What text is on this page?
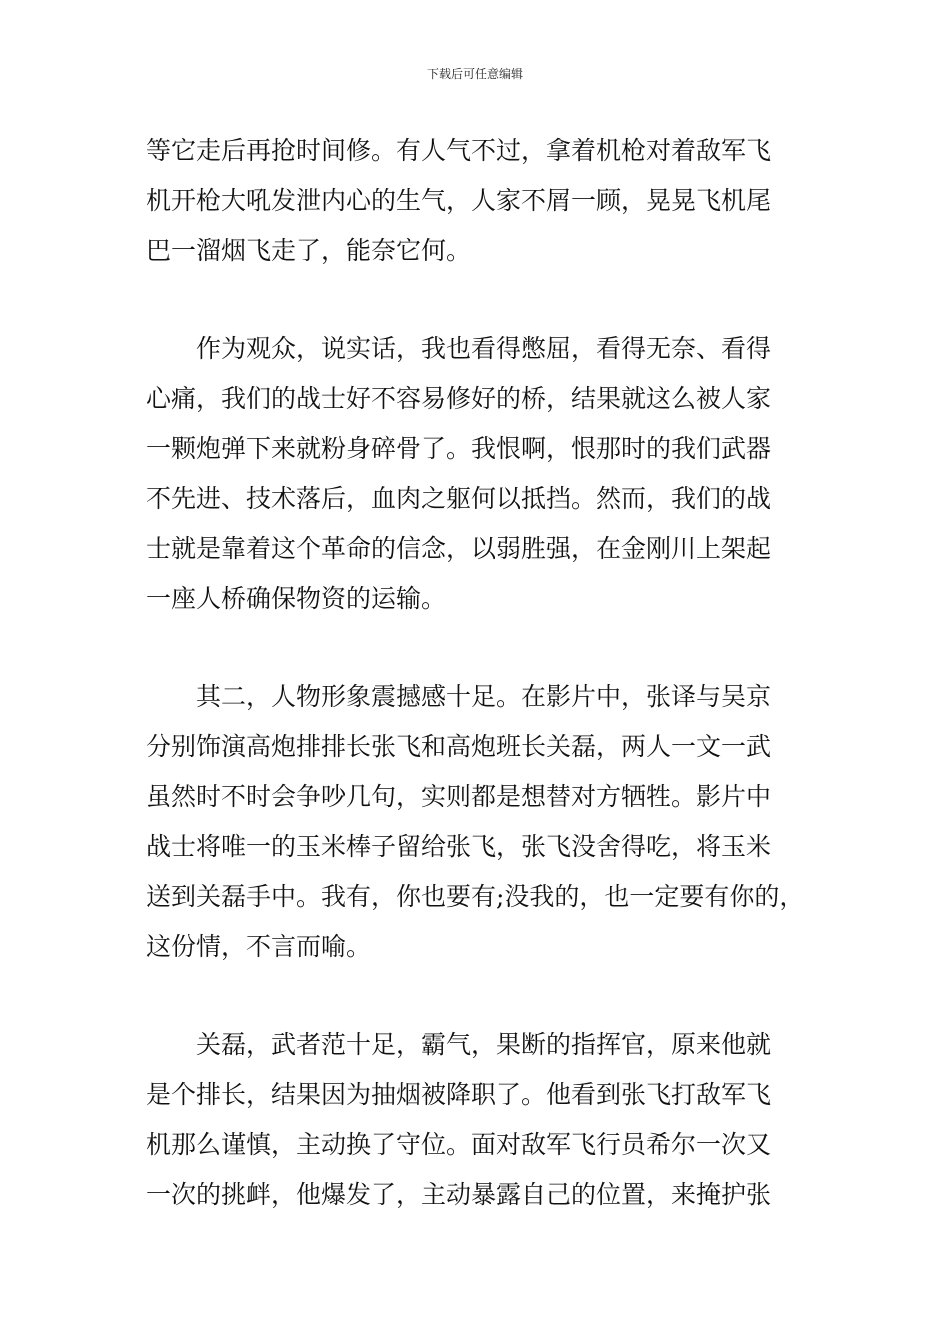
下载后可任意编辑
等它走后再抢时间修。有人气不过，拿着机枪对着敌军飞
机开枪大吼发泄内心的生气，人家不屑一顾，晃晃飞机尾
巴一溜烟飞走了，能奈它何。
作为观众，说实话，我也看得憋屈，看得无奈、看得
心痛，我们的战士好不容易修好的桥，结果就这么被人家
一颗炮弹下来就粉身碎骨了。我恨啊，恨那时的我们武器
不先进、技术落后，血肉之躯何以抵挡。然而，我们的战
士就是靠着这个革命的信念，以弱胜强，在金刚川上架起
一座人桥确保物资的运输。
其二，人物形象震撼感十足。在影片中，张译与吴京
分别饰演高炮排排长张飞和高炮班长关磊，两人一文一武
虽然时不时会争吵几句，实则都是想替对方牺牲。影片中
战士将唯一的玉米棒子留给张飞，张飞没舍得吃，将玉米
送到关磊手中。我有，你也要有;没我的，也一定要有你的，
这份情，不言而喻。
关磊，武者范十足，霸气，果断的指挥官，原来他就
是个排长，结果因为抽烟被降职了。他看到张飞打敌军飞
机那么谨慎，主动换了守位。面对敌军飞行员希尔一次又
一次的挑衅，他爆发了，主动暴露自己的位置，来掩护张
